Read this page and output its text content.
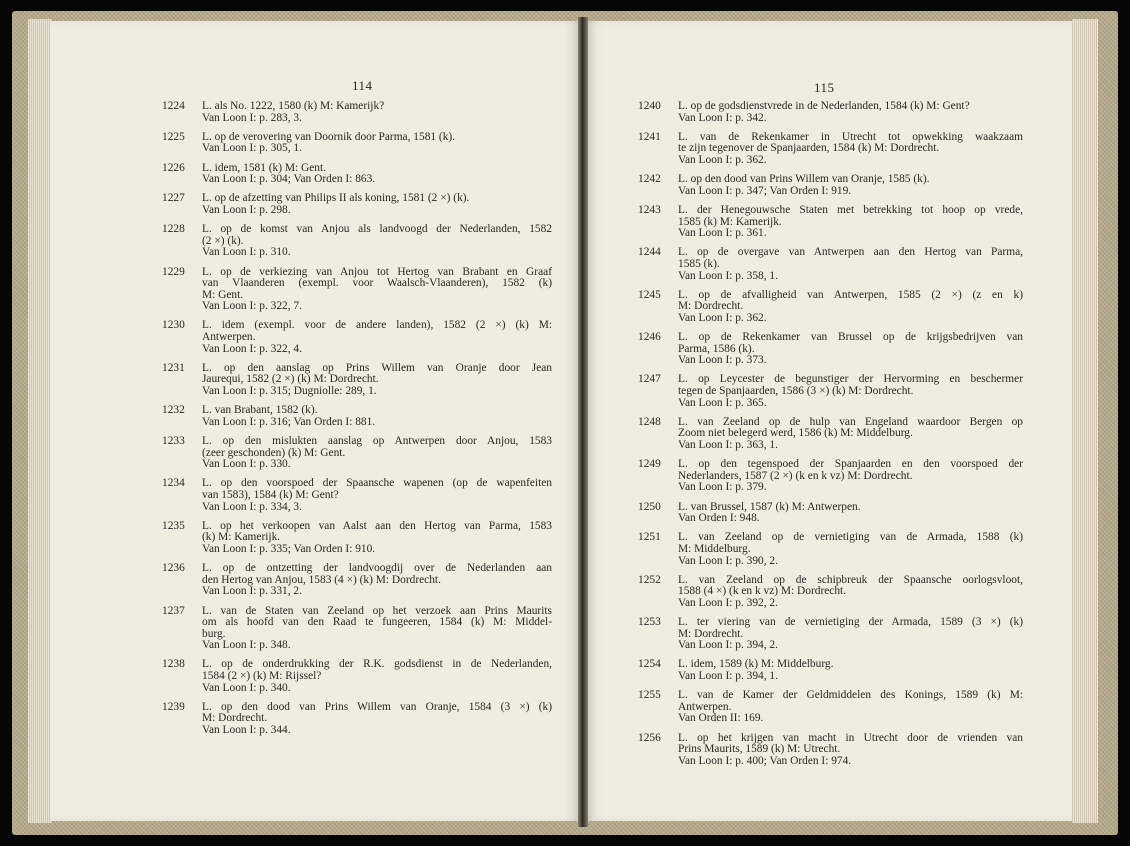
114
1224 L. als No. 1222, 1580 (k) M: Kamerijk?
Van Loon I: p. 283, 3.
1225 L. op de verovering van Doornik door Parma, 1581 (k).
Van Loon I: p. 305, 1.
1226 L. idem, 1581 (k) M: Gent.
Van Loon I: p. 304; Van Orden I: 863.
1227 L. op de afzetting van Philips II als koning, 1581 (2 ×) (k).
Van Loon I: p. 298.
1228 L. op de komst van Anjou als landvoogd der Nederlanden, 1582
(2 ×) (k).
Van Loon I: p. 310.
1229 L. op de verkiezing van Anjou tot Hertog van Brabant en Graaf
van Vlaanderen (exempl. voor Waalsch-Vlaanderen), 1582 (k)
M: Gent.
Van Loon I: p. 322, 7.
1230 L. idem (exempl. voor de andere landen), 1582 (2 ×) (k) M:
Antwerpen.
Van Loon I: p. 322, 4.
1231 L. op den aanslag op Prins Willem van Oranje door Jean
Jaurequi, 1582 (2 ×) (k) M: Dordrecht.
Van Loon I: p. 315; Dugniolle: 289, 1.
1232 L. van Brabant, 1582 (k).
Van Loon I: p. 316; Van Orden I: 881.
1233 L. op den mislukten aanslag op Antwerpen door Anjou, 1583
(zeer geschonden) (k) M: Gent.
Van Loon I: p. 330.
1234 L. op den voorspoed der Spaansche wapenen (op de wapenfeiten
van 1583), 1584 (k) M: Gent?
Van Loon I: p. 334, 3.
1235 L. op het verkoopen van Aalst aan den Hertog van Parma, 1583
(k) M: Kamerijk.
Van Loon I: p. 335; Van Orden I: 910.
1236 L. op de ontzetting der landvoogdij over de Nederlanden aan
den Hertog van Anjou, 1583 (4 ×) (k) M: Dordrecht.
Van Loon I: p. 331, 2.
1237 L. van de Staten van Zeeland op het verzoek aan Prins Maurits
om als hoofd van den Raad te fungeeren, 1584 (k) M: Middel-
burg.
Van Loon I: p. 348.
1238 L. op de onderdrukking der R.K. godsdienst in de Nederlanden,
1584 (2 ×) (k) M: Rijssel?
Van Loon I: p. 340.
1239 L. op den dood van Prins Willem van Oranje, 1584 (3 ×) (k)
M: Dordrecht.
Van Loon I: p. 344.
115
1240 L. op de godsdienstvrede in de Nederlanden, 1584 (k) M: Gent?
Van Loon I: p. 342.
1241 L. van de Rekenkamer in Utrecht tot opwekking waakzaam
te zijn tegenover de Spanjaarden, 1584 (k) M: Dordrecht.
Van Loon I: p. 362.
1242 L. op den dood van Prins Willem van Oranje, 1585 (k).
Van Loon I: p. 347; Van Orden I: 919.
1243 L. der Henegouwsche Staten met betrekking tot hoop op vrede,
1585 (k) M: Kamerijk.
Van Loon I: p. 361.
1244 L. op de overgave van Antwerpen aan den Hertog van Parma,
1585 (k).
Van Loon I: p. 358, 1.
1245 L. op de afvalligheid van Antwerpen, 1585 (2 ×) (z en k)
M: Dordrecht.
Van Loon I: p. 362.
1246 L. op de Rekenkamer van Brussel op de krijgsbedrijven van
Parma, 1586 (k).
Van Loon I: p. 373.
1247 L. op Leycester de begunstiger der Hervorming en beschermer
tegen de Spanjaarden, 1586 (3 ×) (k) M: Dordrecht.
Van Loon I: p. 365.
1248 L. van Zeeland op de hulp van Engeland waardoor Bergen op
Zoom niet belegerd werd, 1586 (k) M: Middelburg.
Van Loon I: p. 363, 1.
1249 L. op den tegenspoed der Spanjaarden en den voorspoed der
Nederlanders, 1587 (2 ×) (k en k vz) M: Dordrecht.
Van Loon I: p. 379.
1250 L. van Brussel, 1587 (k) M: Antwerpen.
Van Orden I: 948.
1251 L. van Zeeland op de vernietiging van de Armada, 1588 (k)
M: Middelburg.
Van Loon I: p. 390, 2.
1252 L. van Zeeland op de schipbreuk der Spaansche oorlogsvloot,
1588 (4 ×) (k en k vz) M: Dordrecht.
Van Loon I: p. 392, 2.
1253 L. ter viering van de vernietiging der Armada, 1589 (3 ×) (k)
M: Dordrecht.
Van Loon I: p. 394, 2.
1254 L. idem, 1589 (k) M: Middelburg.
Van Loon I: p. 394, 1.
1255 L. van de Kamer der Geldmiddelen des Konings, 1589 (k) M:
Antwerpen.
Van Orden II: 169.
1256 L. op het krijgen van macht in Utrecht door de vrienden van
Prins Maurits, 1589 (k) M: Utrecht.
Van Loon I: p. 400; Van Orden I: 974.
